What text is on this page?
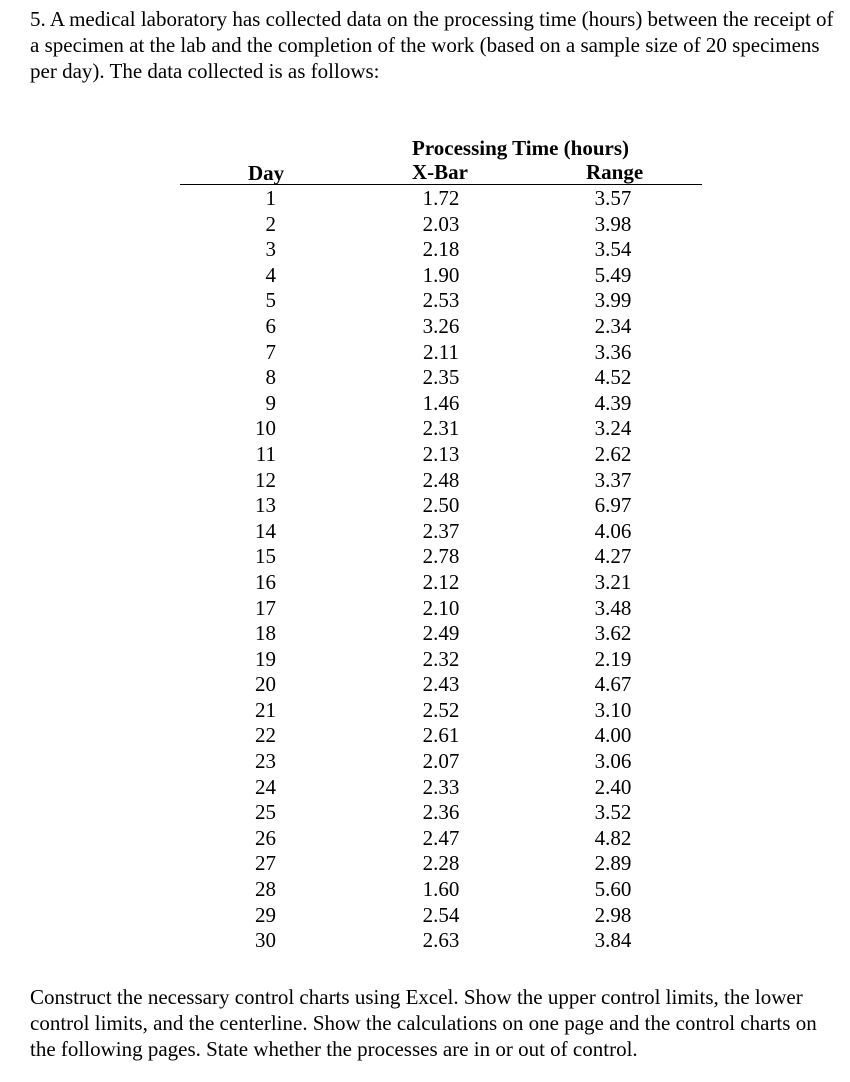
5. A medical laboratory has collected data on the processing time (hours) between the receipt of a specimen at the lab and the completion of the work (based on a sample size of 20 specimens per day). The data collected is as follows:

Processing Time (hours)
Day	X-Bar	Range
1	1.72	3.57
2	2.03	3.98
3	2.18	3.54
4	1.90	5.49
5	2.53	3.99
6	3.26	2.34
7	2.11	3.36
8	2.35	4.52
9	1.46	4.39
10	2.31	3.24
11	2.13	2.62
12	2.48	3.37
13	2.50	6.97
14	2.37	4.06
15	2.78	4.27
16	2.12	3.21
17	2.10	3.48
18	2.49	3.62
19	2.32	2.19
20	2.43	4.67
21	2.52	3.10
22	2.61	4.00
23	2.07	3.06
24	2.33	2.40
25	2.36	3.52
26	2.47	4.82
27	2.28	2.89
28	1.60	5.60
29	2.54	2.98
30	2.63	3.84

Construct the necessary control charts using Excel. Show the upper control limits, the lower control limits, and the centerline. Show the calculations on one page and the control charts on the following pages. State whether the processes are in or out of control.
